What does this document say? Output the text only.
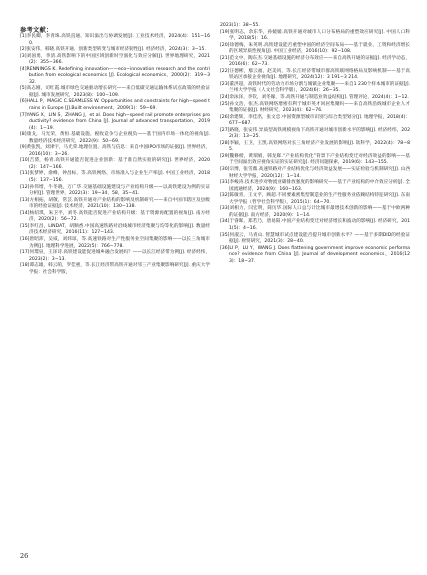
参考文献：

[1]李民卿，李青珠.高铁直通、知识溢出与协调发展[J]. 工业技术经济，2024(4)：151−160.

[2]张安伟，韩晓.高铁开通、创新类型转变与城市经济韧性[J]. 经济经济，2024(3)：3−15.

[3]刘国勇，李清.高铁影响下的中国区域创新时空演化与效应分解[J]. 世界地理研究，2021(2)：355−366.

[4]RENNINGS K. Redefining innovation——eco−innovation research and the contribution from ecological economics [J]. Ecological economics，2000(2)：319−332.

[5]高志刚，司红霞.城市绿色交通驱动增长研究——来自低碳交通运输体系试点政策的经验证据[J]. 城市发展研究，2023(8)：100−109.

[6]HALL P，MAGIC C.SEAMLESS W. Opportunities and constraints for high−speed trains in Europe [J].Built environment，2009(1)：59−69.

[7]YANG X，LIN S，ZHANG J，et al. Does high−speed rail promote enterprises productivity? evidence from China [J]. Journal of advanced transportation，2019(4)：1−19.

[8]康戈，马光荣，黄恒.基础设施、税收竞争与企业税负——基于国内市场一体化的视角[J]. 数量经济技术经济研究，2022(9)：50−69.

[9]黄张凯，刘津宇，马光荣.地理位置、高铁与信息：来自中国IPO市场的证据[J]. 世界经济，2016(10)：3−26.

[10]吉赟，杨青.高铁开通能否促进企业创新：基于准自然实验的研究[J]. 世界经济，2020(2)：147−166.

[11]张梦婷，俞峰，钟昌标，等.高铁网络、市场准入与企业生产率[J]. 中国工业经济，2018(5)：137−156.

[12]孙伟增，牛冬晓，万广华.交通基础设施建设与产业结构升级——以高铁建设为例的实证分析[J]. 管理世界，2022(3)：19−34，58，35−41.

[13]方相拓，胡敬，常芸.高铁开通对产业结构的影响及机制研究——来自中国市辖区及县级市的经验证据[J]. 技术经济，2021(10)：130−138.

[14]杨绍琪，朱卫平，刘冬.高铁能否促进产业结构升级：基于资源再配置的视角[J]. 南方经济，2020(2)：56−72.

[15]李红昌，LINDAT，胡顺香.中国高速铁路对沿线城市经济集聚与均等化的影响[J]. 数量经济技术经济研究，2016(11)：127−143.

[16]唐昭沛，吴威，刘炜琼，等.高速铁路对生产性服务业空间集聚的影响——以长三角城市为例[J]. 地理科学进展，2022(5)：766−778.

[17]何璟泉，王泽诗.高铁建设能促进城乡融合发展吗？——以长江经济带为例[J]. 经济经纬，2023(2)：3−13.

[18]谭志雄，韩云萌，罗佳惠，等.长江经济带高铁开通对邻三产业集聚影响研究[J]. 重庆大学学报：社会科学版，

2023(1)：38−55.

[19]张明志，余东华，孙媛媛.高铁开通对城市人口分布格局的重塑效应研究[J]. 中国人口科学，2018(5)：16.

[20]徐德梅，朱英明.高铁建设能否重塑中国的经济空间布局——基于就业、工资和经济增长的区域异质性视角[J]. 中国工业经济，2016(10)：92−108.

[21]范文中，陶东杰.交通基础设施的经济分布效应——来自高铁开通的证据[J]. 经济学动态，2016(6)：62−73.

[22]汪德彬，鄢云福，赵美风，等.长江经济带城市群高铁联网络格局及影响机制——基于高铁站区承接企业视角[J]. 地理研究，2024(12)：3 191−3 214.

[23]董洪超，高铁时代的劳动力市场分割与城镇企业集聚——来自1 230个样本城市的证据[J]. 兰州大学学报（人文社会科学版），2024(6)：26−35.

[24]余泳泽，李钦，刘冬嫁，等.高铁开通与制造业效益结构[J]. 管理评论，2024(4)：1−12.

[25]孙文浩，张杰.高铁网络增密有利于城市英才回居集聚吗——来自高铁沿线城市企业人才集聚的证据[J]. 财经研究，2023(4)：62−76.

[26]余建辉，李佳洺，张文忠.中国资源型城市识别与综合类型划分[J]. 地理学报，2018(4)：677−687.

[27]路晓，张安伟.异质型高铁规模视角下高铁开通对城市创新水平的影响[J]. 经济经纬，2022(3)：13−25.

[28]李颖，王卫，王凯.高铁网络对长三角经济产业发展的影响[J]. 软科学，2022(4)：78−85.

[29]魏修榜，黄瑞娟，韩龙晖.“产业结构优化”背景下产业结构变迁对经济效益的影响——基于空间溢出效应视角实证的实证研究[J]. 经济问题探索，2019(6)：143−155.

[30]宗博，张雪薇.高速铁路对产业结构优化与经济效益发展——实证检验与机制研究[J]. 山西财经大学学报，2020(12)：1−14.

[31]李峻涛.技术进步对物流业碳排放强度的影响研究——基于产业结构的中介效应分析[J]. 全国流通经济，2024(9)：160−163.

[32]陈敏青，王文平，顾超.不同要素密集型制造业的生产性服务业依赖结构特征研究[J]. 东南大学学报（哲学社会科学版），2015(1)：64−70.

[33]刘相力，闫宏明，简历华.国际人口总与计比城市最增技术创新的影响——基于中欧两种的证据[J]. 南方经济，2020(9)：1−14.

[34]于睿晖，郑若乃，唐易阳.中国产业结构变迁对经济增长和波动的影响[J]. 经济研究，2011(5)：4−16.

[35]何淑云，马青山. 智慧城市试点建设能否提升城市创新水平？——基于多期DID的经验证据[J]. 财贸研究，2021(3)：28−40.

[36]LI P，LU Y，WANG J. Does flattening government improve economic performance? evidence from China [J]. Journal of development economics，2016(123)：18−37.

26
